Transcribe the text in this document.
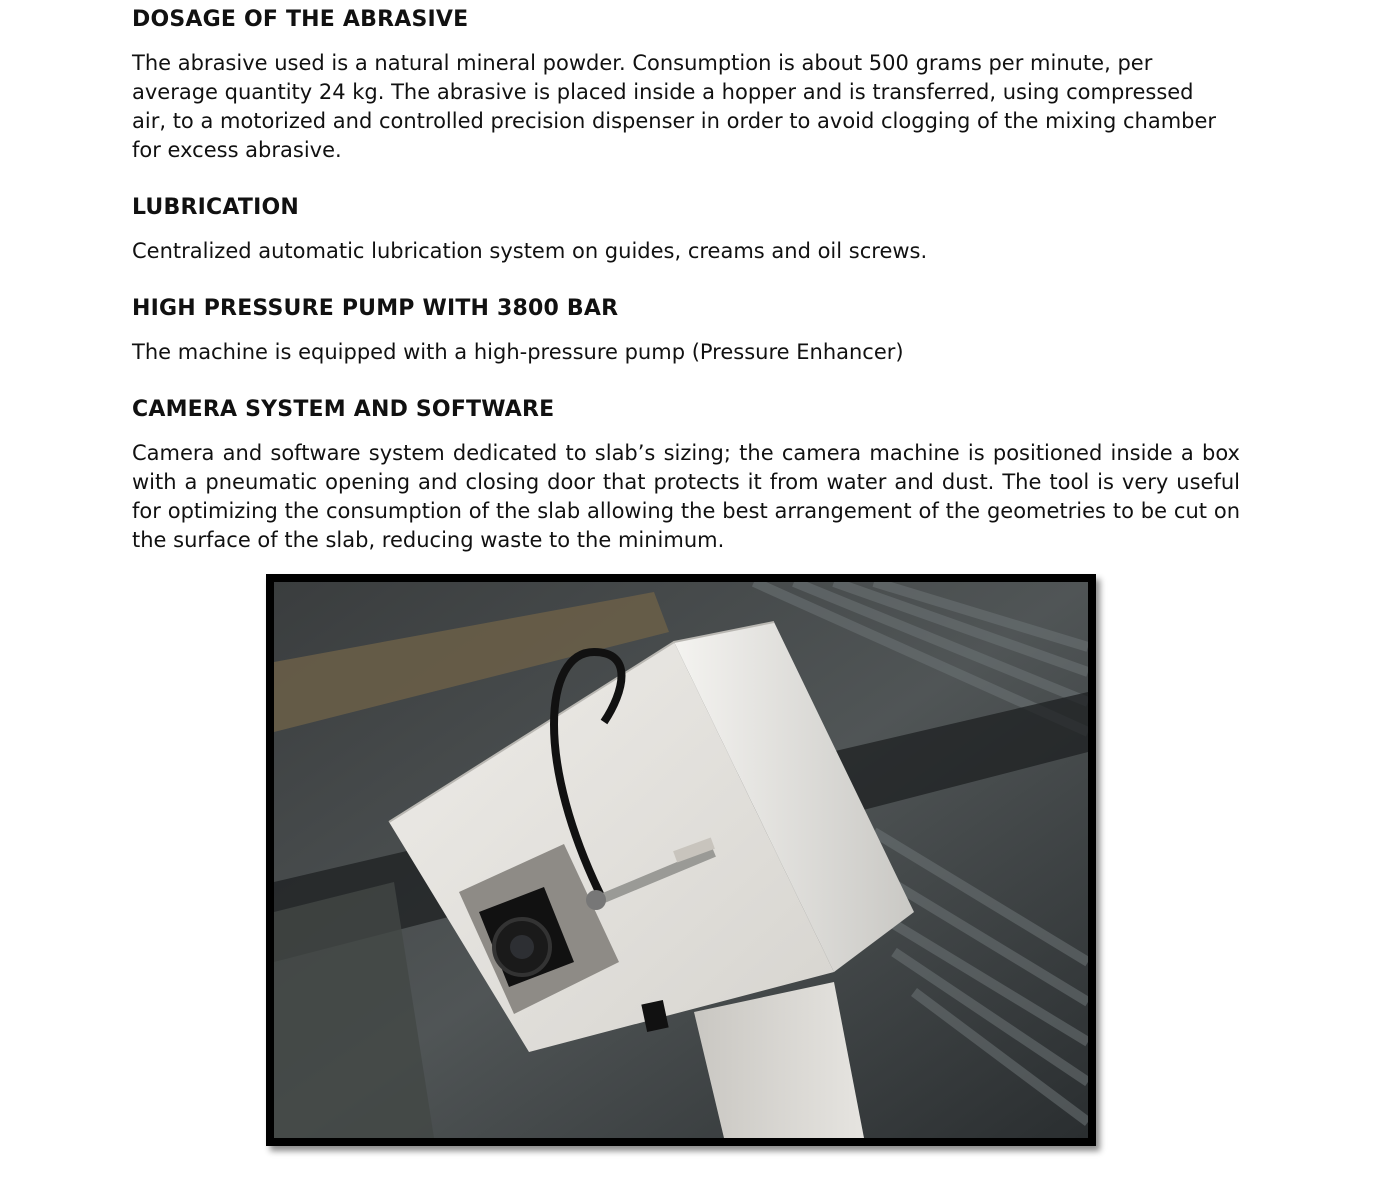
DOSAGE OF THE ABRASIVE

The abrasive used is a natural mineral powder. Consumption is about 500 grams per minute, per average quantity 24 kg. The abrasive is placed inside a hopper and is transferred, using compressed air, to a motorized and controlled precision dispenser in order to avoid clogging of the mixing chamber for excess abrasive.

LUBRICATION

Centralized automatic lubrication system on guides, creams and oil screws.

HIGH PRESSURE PUMP WITH 3800 BAR

The machine is equipped with a high-pressure pump (Pressure Enhancer)

CAMERA SYSTEM AND SOFTWARE

Camera and software system dedicated to slab’s sizing; the camera machine is positioned inside a box with a pneumatic opening and closing door that protects it from water and dust. The tool is very useful for optimizing the consumption of the slab allowing the best arrangement of the geometries to be cut on the surface of the slab, reducing waste to the minimum.
